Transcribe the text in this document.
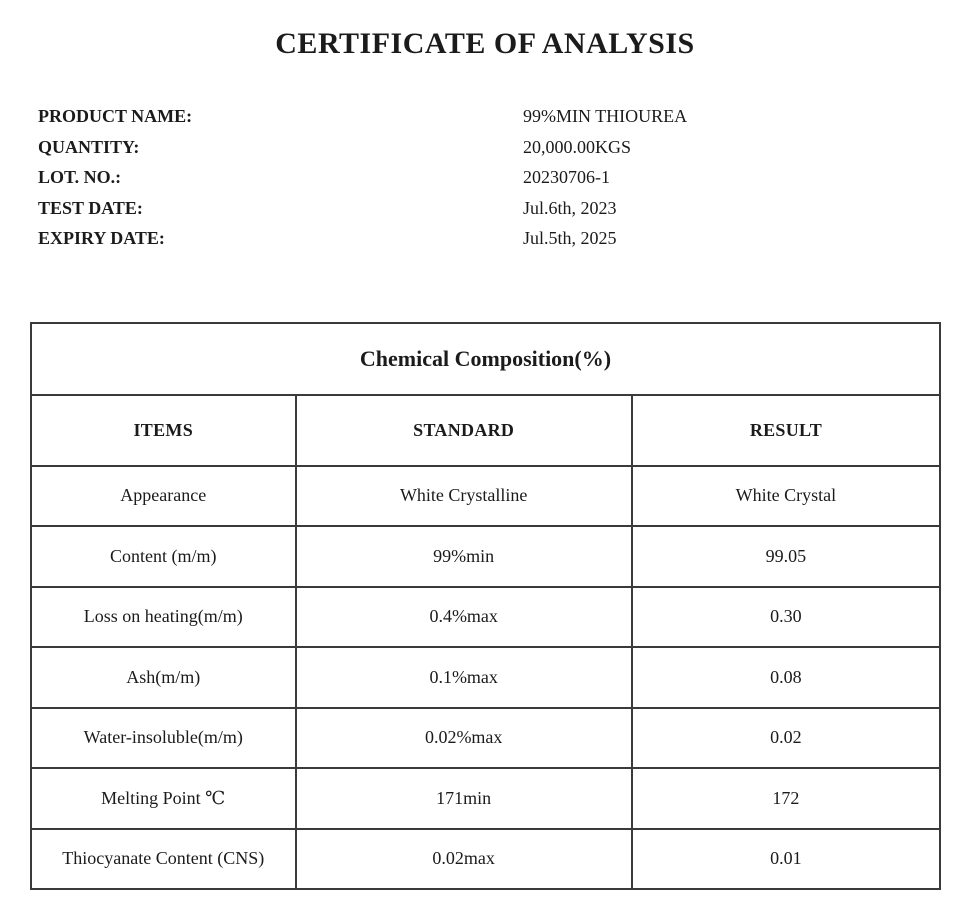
CERTIFICATE OF ANALYSIS
PRODUCT NAME:	99%MIN THIOUREA
QUANTITY:	20,000.00KGS
LOT. NO.:	20230706-1
TEST DATE:	Jul.6th, 2023
EXPIRY DATE:	Jul.5th, 2025
Chemical Composition(%)		
ITEMS	STANDARD	RESULT
Appearance	White Crystalline	White Crystal
Content (m/m)	99%min	99.05
Loss on heating(m/m)	0.4%max	0.30
Ash(m/m)	0.1%max	0.08
Water-insoluble(m/m)	0.02%max	0.02
Melting Point ℃	171min	172
Thiocyanate Content (CNS)	0.02max	0.01
